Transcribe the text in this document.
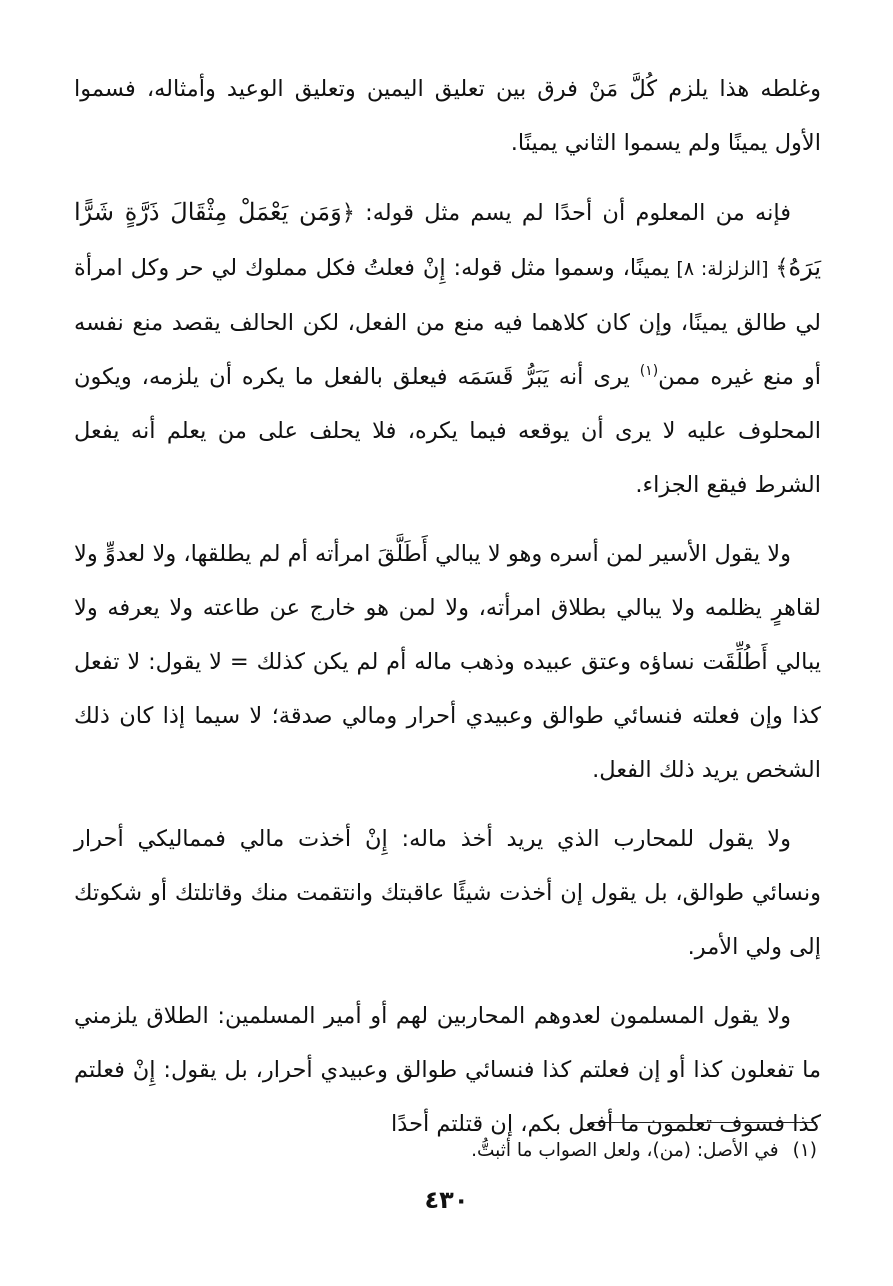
وغلطه هذا يلزم كُلَّ مَنْ فرق بين تعليق اليمين وتعليق الوعيد وأمثاله، فسموا الأول يمينًا ولم يسموا الثاني يمينًا.

فإنه من المعلوم أن أحدًا لم يسم مثل قوله: ﴿وَمَن يَعْمَلْ مِثْقَالَ ذَرَّةٍ شَرًّا يَرَهُ﴾ [الزلزلة: ٨] يمينًا، وسموا مثل قوله: إِنْ فعلتُ فكل مملوك لي حر وكل امرأة لي طالق يمينًا، وإن كان كلاهما فيه منع من الفعل، لكن الحالف يقصد منع نفسه أو منع غيره ممن$^{(١)}$ يرى أنه يَبَرُّ قَسَمَه فيعلق بالفعل ما يكره أن يلزمه، ويكون المحلوف عليه لا يرى أن يوقعه فيما يكره، فلا يحلف على من يعلم أنه يفعل الشرط فيقع الجزاء.

ولا يقول الأسير لمن أسره وهو لا يبالي أَطَلَّقَ امرأته أم لم يطلقها، ولا لعدوٍّ ولا لقاهرٍ يظلمه ولا يبالي بطلاق امرأته، ولا لمن هو خارج عن طاعته ولا يعرفه ولا يبالي أَطُلِّقَت نساؤه وعتق عبيده وذهب ماله أم لم يكن كذلك = لا يقول: لا تفعل كذا وإن فعلته فنسائي طوالق وعبيدي أحرار ومالي صدقة؛ لا سيما إذا كان ذلك الشخص يريد ذلك الفعل.

ولا يقول للمحارب الذي يريد أخذ ماله: إِنْ أخذت مالي فمماليكي أحرار ونسائي طوالق، بل يقول إن أخذت شيئًا عاقبتك وانتقمت منك وقاتلتك أو شكوتك إلى ولي الأمر.

ولا يقول المسلمون لعدوهم المحاربين لهم أو أمير المسلمين: الطلاق يلزمني ما تفعلون كذا أو إن فعلتم كذا فنسائي طوالق وعبيدي أحرار، بل يقول: إِنْ فعلتم كذا فسوف تعلمون ما أفعل بكم، إن قتلتم أحدًا

(١)في الأصل: (من)، ولعل الصواب ما أثبتُّ.
٤٣٠
